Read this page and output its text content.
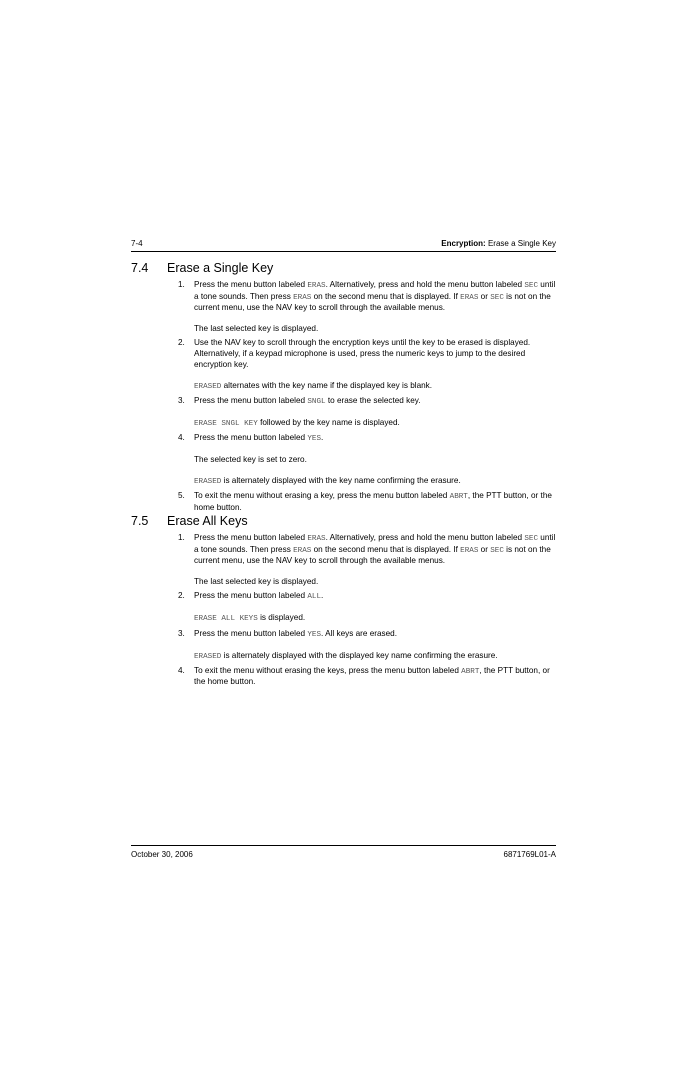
7-4	Encryption: Erase a Single Key
7.4 Erase a Single Key

1. Press the menu button labeled ERAS. Alternatively, press and hold the menu button labeled SEC until a tone sounds. Then press ERAS on the second menu that is displayed. If ERAS or SEC is not on the current menu, use the NAV key to scroll through the available menus.

The last selected key is displayed.

2. Use the NAV key to scroll through the encryption keys until the key to be erased is displayed. Alternatively, if a keypad microphone is used, press the numeric keys to jump to the desired encryption key.

ERASED alternates with the key name if the displayed key is blank.

3. Press the menu button labeled SNGL to erase the selected key.

ERASE SNGL KEY followed by the key name is displayed.

4. Press the menu button labeled YES.

The selected key is set to zero.

ERASED is alternately displayed with the key name confirming the erasure.

5. To exit the menu without erasing a key, press the menu button labeled ABRT, the PTT button, or the home button.

7.5 Erase All Keys

1. Press the menu button labeled ERAS. Alternatively, press and hold the menu button labeled SEC until a tone sounds. Then press ERAS on the second menu that is displayed. If ERAS or SEC is not on the current menu, use the NAV key to scroll through the available menus.

The last selected key is displayed.

2. Press the menu button labeled ALL.

ERASE ALL KEYS is displayed.

3. Press the menu button labeled YES. All keys are erased.

ERASED is alternately displayed with the displayed key name confirming the erasure.

4. To exit the menu without erasing the keys, press the menu button labeled ABRT, the PTT button, or the home button.

October 30, 2006	6871769L01-A
